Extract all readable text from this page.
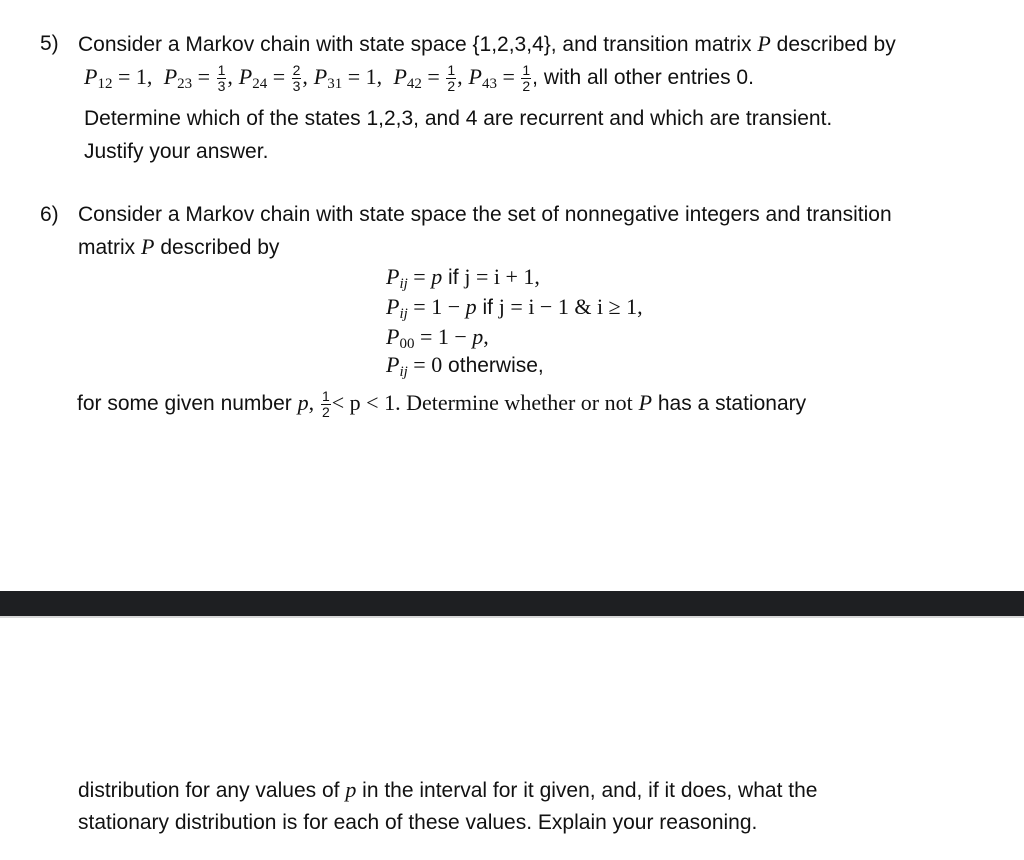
5) Consider a Markov chain with state space {1,2,3,4}, and transition matrix P described by
$P_{12} = 1$,  $P_{23} = \frac{1}{3}$ , $P_{24} = \frac{2}{3}$ , $P_{31} = 1$,  $P_{42} = \frac{1}{2}$ , $P_{43} = \frac{1}{2}$ , with all other entries 0.
Determine which of the states 1,2,3, and 4 are recurrent and which are transient.
Justify your answer.
6) Consider a Markov chain with state space the set of nonnegative integers and transition
matrix P described by
$P_{ij} = p$ if j = i + 1,
$P_{ij} = 1 - p$ if j = i − 1 & i ≥ 1,
$P_{00} = 1 - p$,
$P_{ij} = 0$ otherwise,
for some given number p, $\frac{1}{2} < p < 1$. Determine whether or not P has a stationary
distribution for any values of p in the interval for it given, and, if it does, what the
stationary distribution is for each of these values. Explain your reasoning.
